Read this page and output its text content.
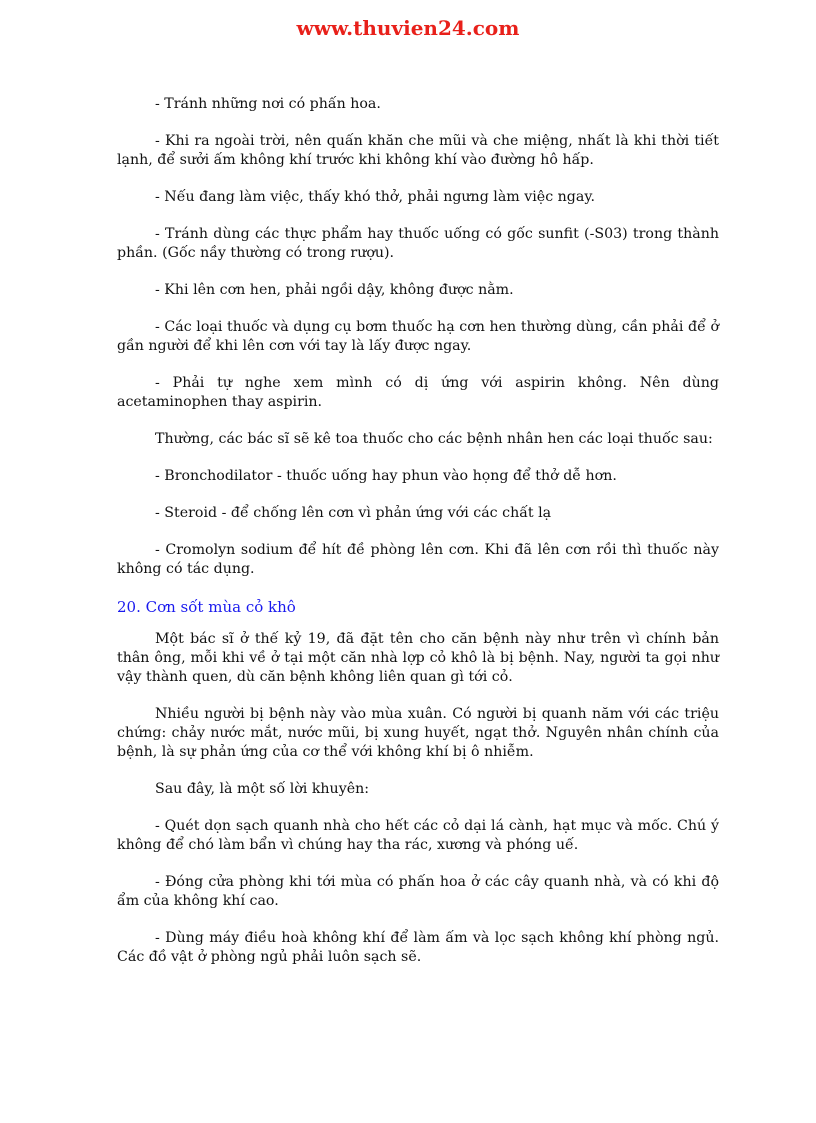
www.thuvien24.com

- Tránh những nơi có phấn hoa.

- Khi ra ngoài trời, nên quấn khăn che mũi và che miệng, nhất là khi thời tiết lạnh, để sưởi ấm không khí trước khi không khí vào đường hô hấp.

- Nếu đang làm việc, thấy khó thở, phải ngưng làm việc ngay.

- Tránh dùng các thực phẩm hay thuốc uống có gốc sunfit (-S03) trong thành phần. (Gốc nầy thường có trong rượu).

- Khi lên cơn hen, phải ngồi dậy, không được nằm.

- Các loại thuốc và dụng cụ bơm thuốc hạ cơn hen thường dùng, cần phải để ở gần người để khi lên cơn với tay là lấy được ngay.

- Phải tự nghe xem mình có dị ứng với aspirin không. Nên dùng acetaminophen thay aspirin.

Thường, các bác sĩ sẽ kê toa thuốc cho các bệnh nhân hen các loại thuốc sau:

- Bronchodilator - thuốc uống hay phun vào họng để thở dễ hơn.

- Steroid - để chống lên cơn vì phản ứng với các chất lạ

- Cromolyn sodium để hít đề phòng lên cơn. Khi đã lên cơn rồi thì thuốc này không có tác dụng.

20. Cơn sốt mùa cỏ khô

Một bác sĩ ở thế kỷ 19, đã đặt tên cho căn bệnh này như trên vì chính bản thân ông, mỗi khi về ở tại một căn nhà lợp cỏ khô là bị bệnh. Nay, người ta gọi như vậy thành quen, dù căn bệnh không liên quan gì tới cỏ.

Nhiều người bị bệnh này vào mùa xuân. Có người bị quanh năm với các triệu chứng: chảy nước mắt, nước mũi, bị xung huyết, ngạt thở. Nguyên nhân chính của bệnh, là sự phản ứng của cơ thể với không khí bị ô nhiễm.

Sau đây, là một số lời khuyên:

- Quét dọn sạch quanh nhà cho hết các cỏ dại lá cành, hạt mục và mốc. Chú ý không để chó làm bẩn vì chúng hay tha rác, xương và phóng uế.

- Đóng cửa phòng khi tới mùa có phấn hoa ở các cây quanh nhà, và có khi độ ẩm của không khí cao.

- Dùng máy điều hoà không khí để làm ấm và lọc sạch không khí phòng ngủ. Các đồ vật ở phòng ngủ phải luôn sạch sẽ.
